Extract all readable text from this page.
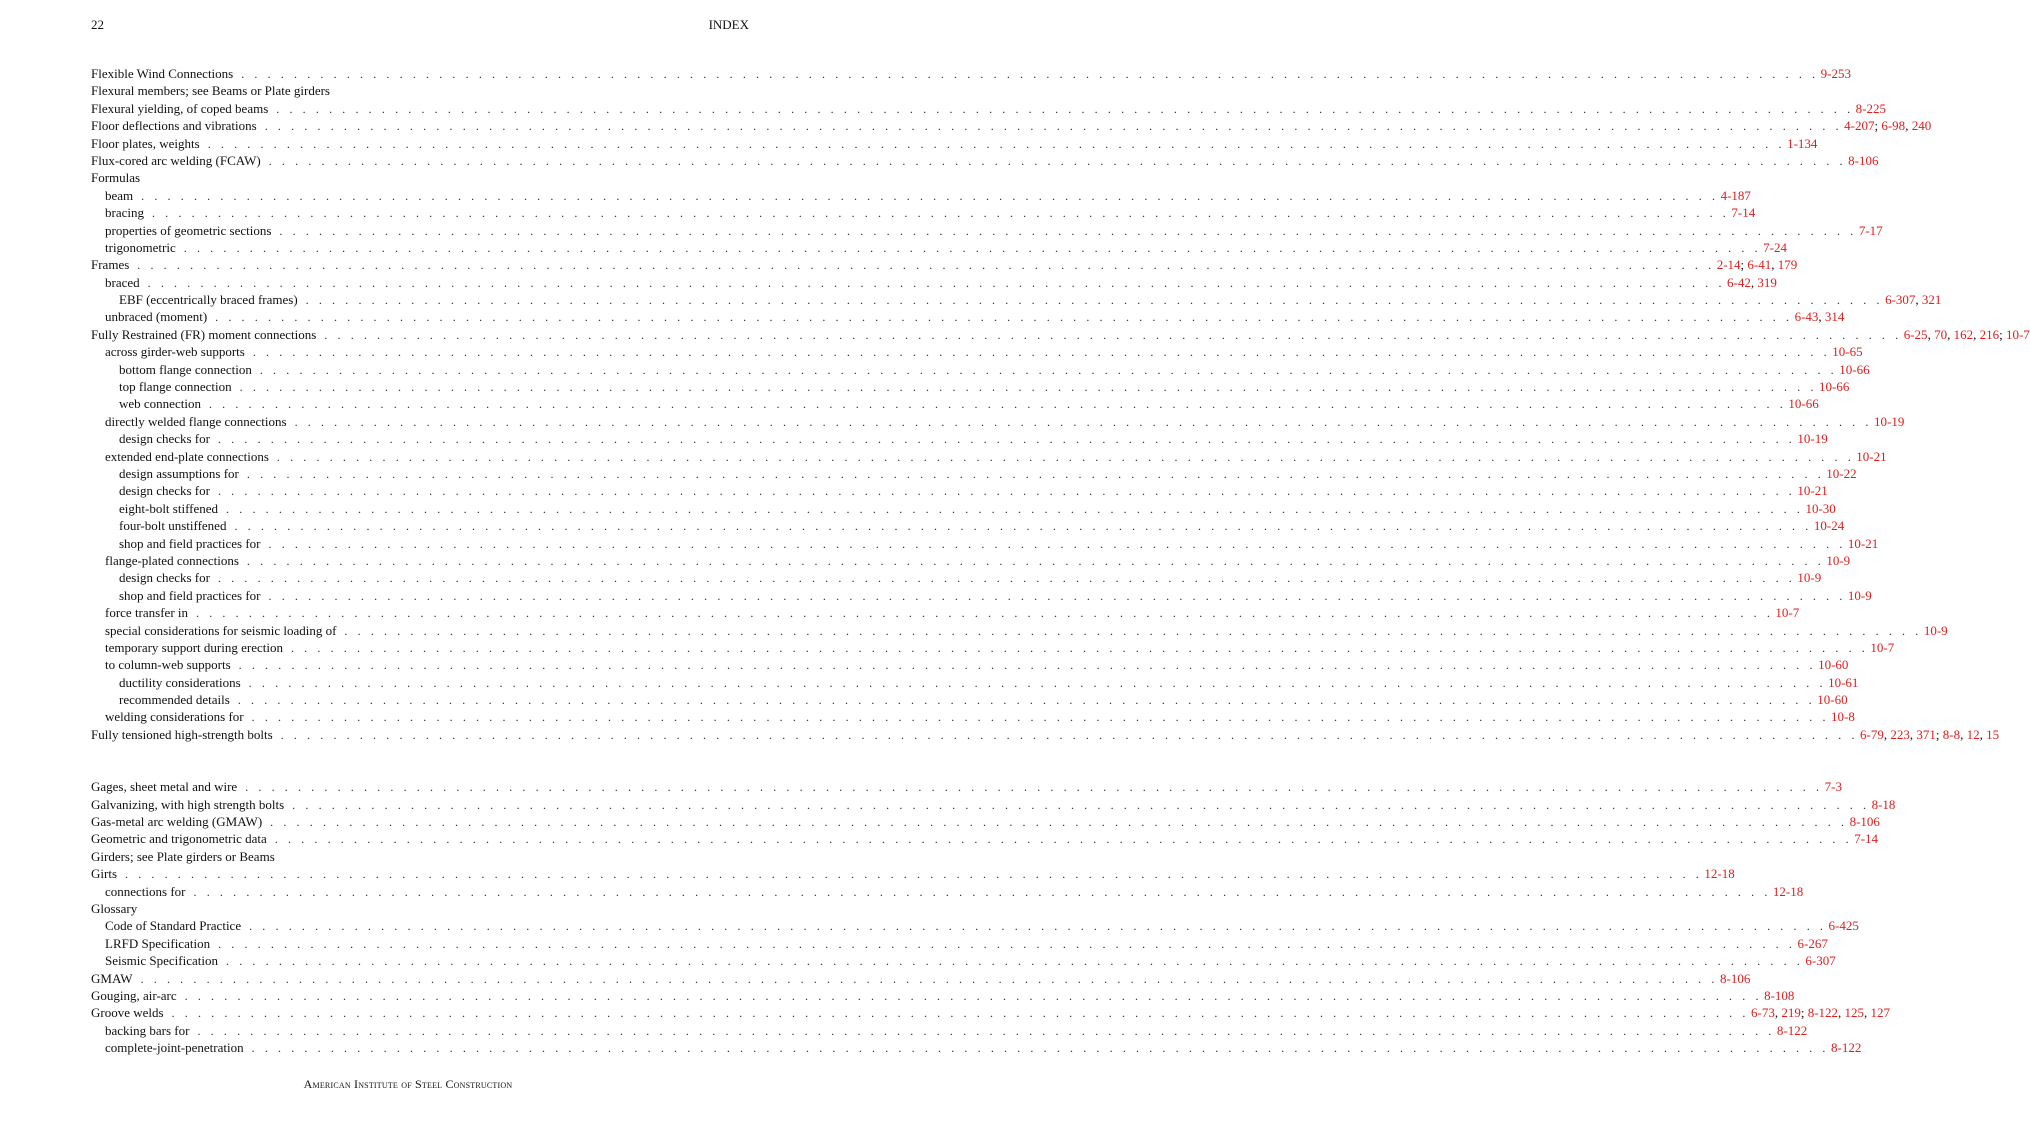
22	INDEX
Flexible Wind Connections . . . . . . . . . . . . . . . . . . . . . . . . . . . . . . . . . . . . . . . . . . . . . . . . . . . . . . . . . . . . . . . . . . . . . . . . . . . . . . . . . . . . . . . . . . . . . . . . . . . . . . . . . . . . . . . . . . . . . . . . 9-253
Flexural members; see Beams or Plate girders
Flexural yielding, of coped beams . . . . . . . . . . . . . . . . . . . . . . . . . . . . . . . . . . . . . . . . . . . . . . . . . . . . . . . . . . . . . . . . . . . . . . . . . . . . . . . . . . . . . . . . . . . . . . . . . . . . . . . . . . . . . . . . . . . . . . . . 8-225
Floor deflections and vibrations . . . . . . . . . . . . . . . . . . . . . . . . . . . . . . . . . . . . . . . . . . . . . . . . . . . . . . . . . . . . . . . . . . . . . . . . . . . . . . . . . . . . . . . . . . . . . . . . . . . . . . . . . . . . . . . . . . . . . . . . 4-207; 6-98, 240
Floor plates, weights . . . . . . . . . . . . . . . . . . . . . . . . . . . . . . . . . . . . . . . . . . . . . . . . . . . . . . . . . . . . . . . . . . . . . . . . . . . . . . . . . . . . . . . . . . . . . . . . . . . . . . . . . . . . . . . . . . . . . . . . 1-134
Flux-cored arc welding (FCAW) . . . . . . . . . . . . . . . . . . . . . . . . . . . . . . . . . . . . . . . . . . . . . . . . . . . . . . . . . . . . . . . . . . . . . . . . . . . . . . . . . . . . . . . . . . . . . . . . . . . . . . . . . . . . . . . . . . . . . . . . 8-106
Formulas
beam . . . . . . . . . . . . . . . . . . . . . . . . . . . . . . . . . . . . . . . . . . . . . . . . . . . . . . . . . . . . . . . . . . . . . . . . . . . . . . . . . . . . . . . . . . . . . . . . . . . . . . . . . . . . . . . . . . . . . . . . 4-187
bracing . . . . . . . . . . . . . . . . . . . . . . . . . . . . . . . . . . . . . . . . . . . . . . . . . . . . . . . . . . . . . . . . . . . . . . . . . . . . . . . . . . . . . . . . . . . . . . . . . . . . . . . . . . . . . . . . . . . . . . . . 7-14
properties of geometric sections . . . . . . . . . . . . . . . . . . . . . . . . . . . . . . . . . . . . . . . . . . . . . . . . . . . . . . . . . . . . . . . . . . . . . . . . . . . . . . . . . . . . . . . . . . . . . . . . . . . . . . . . . . . . . . . . . . . . . . . . 7-17
trigonometric . . . . . . . . . . . . . . . . . . . . . . . . . . . . . . . . . . . . . . . . . . . . . . . . . . . . . . . . . . . . . . . . . . . . . . . . . . . . . . . . . . . . . . . . . . . . . . . . . . . . . . . . . . . . . . . . . . . . . . . . 7-24
Frames . . . . . . . . . . . . . . . . . . . . . . . . . . . . . . . . . . . . . . . . . . . . . . . . . . . . . . . . . . . . . . . . . . . . . . . . . . . . . . . . . . . . . . . . . . . . . . . . . . . . . . . . . . . . . . . . . . . . . . . . 2-14; 6-41, 179
braced . . . . . . . . . . . . . . . . . . . . . . . . . . . . . . . . . . . . . . . . . . . . . . . . . . . . . . . . . . . . . . . . . . . . . . . . . . . . . . . . . . . . . . . . . . . . . . . . . . . . . . . . . . . . . . . . . . . . . . . . 6-42, 319
EBF (eccentrically braced frames) . . . . . . . . . . . . . . . . . . . . . . . . . . . . . . . . . . . . . . . . . . . . . . . . . . . . . . . . . . . . . . . . . . . . . . . . . . . . . . . . . . . . . . . . . . . . . . . . . . . . . . . . . . . . . . . . . . . . . . . . 6-307, 321
unbraced (moment) . . . . . . . . . . . . . . . . . . . . . . . . . . . . . . . . . . . . . . . . . . . . . . . . . . . . . . . . . . . . . . . . . . . . . . . . . . . . . . . . . . . . . . . . . . . . . . . . . . . . . . . . . . . . . . . . . . . . . . . . 6-43, 314
Fully Restrained (FR) moment connections . . . . . . . . . . . . . . . . . . . . . . . . . . . . . . . . . . . . . . . . . . . . . . . . . . . . . . . . . . . . . . . . . . . . . . . . . . . . . . . . . . . . . . . . . . . . . . . . . . . . . . . . . . . . . . . . . . . . . . . . 6-25, 70, 162, 216; 10-7
across girder-web supports . . . . . . . . . . . . . . . . . . . . . . . . . . . . . . . . . . . . . . . . . . . . . . . . . . . . . . . . . . . . . . . . . . . . . . . . . . . . . . . . . . . . . . . . . . . . . . . . . . . . . . . . . . . . . . . . . . . . . . . . 10-65
bottom flange connection . . . . . . . . . . . . . . . . . . . . . . . . . . . . . . . . . . . . . . . . . . . . . . . . . . . . . . . . . . . . . . . . . . . . . . . . . . . . . . . . . . . . . . . . . . . . . . . . . . . . . . . . . . . . . . . . . . . . . . . . 10-66
top flange connection . . . . . . . . . . . . . . . . . . . . . . . . . . . . . . . . . . . . . . . . . . . . . . . . . . . . . . . . . . . . . . . . . . . . . . . . . . . . . . . . . . . . . . . . . . . . . . . . . . . . . . . . . . . . . . . . . . . . . . . . 10-66
web connection . . . . . . . . . . . . . . . . . . . . . . . . . . . . . . . . . . . . . . . . . . . . . . . . . . . . . . . . . . . . . . . . . . . . . . . . . . . . . . . . . . . . . . . . . . . . . . . . . . . . . . . . . . . . . . . . . . . . . . . . 10-66
directly welded flange connections . . . . . . . . . . . . . . . . . . . . . . . . . . . . . . . . . . . . . . . . . . . . . . . . . . . . . . . . . . . . . . . . . . . . . . . . . . . . . . . . . . . . . . . . . . . . . . . . . . . . . . . . . . . . . . . . . . . . . . . . 10-19
design checks for . . . . . . . . . . . . . . . . . . . . . . . . . . . . . . . . . . . . . . . . . . . . . . . . . . . . . . . . . . . . . . . . . . . . . . . . . . . . . . . . . . . . . . . . . . . . . . . . . . . . . . . . . . . . . . . . . . . . . . . . 10-19
extended end-plate connections . . . . . . . . . . . . . . . . . . . . . . . . . . . . . . . . . . . . . . . . . . . . . . . . . . . . . . . . . . . . . . . . . . . . . . . . . . . . . . . . . . . . . . . . . . . . . . . . . . . . . . . . . . . . . . . . . . . . . . . . 10-21
design assumptions for . . . . . . . . . . . . . . . . . . . . . . . . . . . . . . . . . . . . . . . . . . . . . . . . . . . . . . . . . . . . . . . . . . . . . . . . . . . . . . . . . . . . . . . . . . . . . . . . . . . . . . . . . . . . . . . . . . . . . . . . 10-22
design checks for . . . . . . . . . . . . . . . . . . . . . . . . . . . . . . . . . . . . . . . . . . . . . . . . . . . . . . . . . . . . . . . . . . . . . . . . . . . . . . . . . . . . . . . . . . . . . . . . . . . . . . . . . . . . . . . . . . . . . . . . 10-21
eight-bolt stiffened . . . . . . . . . . . . . . . . . . . . . . . . . . . . . . . . . . . . . . . . . . . . . . . . . . . . . . . . . . . . . . . . . . . . . . . . . . . . . . . . . . . . . . . . . . . . . . . . . . . . . . . . . . . . . . . . . . . . . . . . 10-30
four-bolt unstiffened . . . . . . . . . . . . . . . . . . . . . . . . . . . . . . . . . . . . . . . . . . . . . . . . . . . . . . . . . . . . . . . . . . . . . . . . . . . . . . . . . . . . . . . . . . . . . . . . . . . . . . . . . . . . . . . . . . . . . . . . 10-24
shop and field practices for . . . . . . . . . . . . . . . . . . . . . . . . . . . . . . . . . . . . . . . . . . . . . . . . . . . . . . . . . . . . . . . . . . . . . . . . . . . . . . . . . . . . . . . . . . . . . . . . . . . . . . . . . . . . . . . . . . . . . . . . 10-21
flange-plated connections . . . . . . . . . . . . . . . . . . . . . . . . . . . . . . . . . . . . . . . . . . . . . . . . . . . . . . . . . . . . . . . . . . . . . . . . . . . . . . . . . . . . . . . . . . . . . . . . . . . . . . . . . . . . . . . . . . . . . . . . 10-9
design checks for . . . . . . . . . . . . . . . . . . . . . . . . . . . . . . . . . . . . . . . . . . . . . . . . . . . . . . . . . . . . . . . . . . . . . . . . . . . . . . . . . . . . . . . . . . . . . . . . . . . . . . . . . . . . . . . . . . . . . . . . 10-9
shop and field practices for . . . . . . . . . . . . . . . . . . . . . . . . . . . . . . . . . . . . . . . . . . . . . . . . . . . . . . . . . . . . . . . . . . . . . . . . . . . . . . . . . . . . . . . . . . . . . . . . . . . . . . . . . . . . . . . . . . . . . . . . 10-9
force transfer in . . . . . . . . . . . . . . . . . . . . . . . . . . . . . . . . . . . . . . . . . . . . . . . . . . . . . . . . . . . . . . . . . . . . . . . . . . . . . . . . . . . . . . . . . . . . . . . . . . . . . . . . . . . . . . . . . . . . . . . . 10-7
special considerations for seismic loading of . . . . . . . . . . . . . . . . . . . . . . . . . . . . . . . . . . . . . . . . . . . . . . . . . . . . . . . . . . . . . . . . . . . . . . . . . . . . . . . . . . . . . . . . . . . . . . . . . . . . . . . . . . . . . . . . . . . . . . . . 10-9
temporary support during erection . . . . . . . . . . . . . . . . . . . . . . . . . . . . . . . . . . . . . . . . . . . . . . . . . . . . . . . . . . . . . . . . . . . . . . . . . . . . . . . . . . . . . . . . . . . . . . . . . . . . . . . . . . . . . . . . . . . . . . . . 10-7
to column-web supports . . . . . . . . . . . . . . . . . . . . . . . . . . . . . . . . . . . . . . . . . . . . . . . . . . . . . . . . . . . . . . . . . . . . . . . . . . . . . . . . . . . . . . . . . . . . . . . . . . . . . . . . . . . . . . . . . . . . . . . . 10-60
ductility considerations . . . . . . . . . . . . . . . . . . . . . . . . . . . . . . . . . . . . . . . . . . . . . . . . . . . . . . . . . . . . . . . . . . . . . . . . . . . . . . . . . . . . . . . . . . . . . . . . . . . . . . . . . . . . . . . . . . . . . . . . 10-61
recommended details . . . . . . . . . . . . . . . . . . . . . . . . . . . . . . . . . . . . . . . . . . . . . . . . . . . . . . . . . . . . . . . . . . . . . . . . . . . . . . . . . . . . . . . . . . . . . . . . . . . . . . . . . . . . . . . . . . . . . . . . 10-60
welding considerations for . . . . . . . . . . . . . . . . . . . . . . . . . . . . . . . . . . . . . . . . . . . . . . . . . . . . . . . . . . . . . . . . . . . . . . . . . . . . . . . . . . . . . . . . . . . . . . . . . . . . . . . . . . . . . . . . . . . . . . . . 10-8
Fully tensioned high-strength bolts . . . . . . . . . . . . . . . . . . . . . . . . . . . . . . . . . . . . . . . . . . . . . . . . . . . . . . . . . . . . . . . . . . . . . . . . . . . . . . . . . . . . . . . . . . . . . . . . . . . . . . . . . . . . . . . . . . . . . . . . 6-79, 223, 371; 8-8, 12, 15
Gages, sheet metal and wire . . . . . . . . . . . . . . . . . . . . . . . . . . . . . . . . . . . . . . . . . . . . . . . . . . . . . . . . . . . . . . . . . . . . . . . . . . . . . . . . . . . . . . . . . . . . . . . . . . . . . . . . . . . . . . . . . . . . . . . . 7-3
Galvanizing, with high strength bolts . . . . . . . . . . . . . . . . . . . . . . . . . . . . . . . . . . . . . . . . . . . . . . . . . . . . . . . . . . . . . . . . . . . . . . . . . . . . . . . . . . . . . . . . . . . . . . . . . . . . . . . . . . . . . . . . . . . . . . . . 8-18
Gas-metal arc welding (GMAW) . . . . . . . . . . . . . . . . . . . . . . . . . . . . . . . . . . . . . . . . . . . . . . . . . . . . . . . . . . . . . . . . . . . . . . . . . . . . . . . . . . . . . . . . . . . . . . . . . . . . . . . . . . . . . . . . . . . . . . . . 8-106
Geometric and trigonometric data . . . . . . . . . . . . . . . . . . . . . . . . . . . . . . . . . . . . . . . . . . . . . . . . . . . . . . . . . . . . . . . . . . . . . . . . . . . . . . . . . . . . . . . . . . . . . . . . . . . . . . . . . . . . . . . . . . . . . . . . 7-14
Girders; see Plate girders or Beams
Girts . . . . . . . . . . . . . . . . . . . . . . . . . . . . . . . . . . . . . . . . . . . . . . . . . . . . . . . . . . . . . . . . . . . . . . . . . . . . . . . . . . . . . . . . . . . . . . . . . . . . . . . . . . . . . . . . . . . . . . . . 12-18
connections for . . . . . . . . . . . . . . . . . . . . . . . . . . . . . . . . . . . . . . . . . . . . . . . . . . . . . . . . . . . . . . . . . . . . . . . . . . . . . . . . . . . . . . . . . . . . . . . . . . . . . . . . . . . . . . . . . . . . . . . . 12-18
Glossary
Code of Standard Practice . . . . . . . . . . . . . . . . . . . . . . . . . . . . . . . . . . . . . . . . . . . . . . . . . . . . . . . . . . . . . . . . . . . . . . . . . . . . . . . . . . . . . . . . . . . . . . . . . . . . . . . . . . . . . . . . . . . . . . . . 6-425
LRFD Specification . . . . . . . . . . . . . . . . . . . . . . . . . . . . . . . . . . . . . . . . . . . . . . . . . . . . . . . . . . . . . . . . . . . . . . . . . . . . . . . . . . . . . . . . . . . . . . . . . . . . . . . . . . . . . . . . . . . . . . . . 6-267
Seismic Specification . . . . . . . . . . . . . . . . . . . . . . . . . . . . . . . . . . . . . . . . . . . . . . . . . . . . . . . . . . . . . . . . . . . . . . . . . . . . . . . . . . . . . . . . . . . . . . . . . . . . . . . . . . . . . . . . . . . . . . . . 6-307
GMAW . . . . . . . . . . . . . . . . . . . . . . . . . . . . . . . . . . . . . . . . . . . . . . . . . . . . . . . . . . . . . . . . . . . . . . . . . . . . . . . . . . . . . . . . . . . . . . . . . . . . . . . . . . . . . . . . . . . . . . . . 8-106
Gouging, air-arc . . . . . . . . . . . . . . . . . . . . . . . . . . . . . . . . . . . . . . . . . . . . . . . . . . . . . . . . . . . . . . . . . . . . . . . . . . . . . . . . . . . . . . . . . . . . . . . . . . . . . . . . . . . . . . . . . . . . . . . . 8-108
Groove welds . . . . . . . . . . . . . . . . . . . . . . . . . . . . . . . . . . . . . . . . . . . . . . . . . . . . . . . . . . . . . . . . . . . . . . . . . . . . . . . . . . . . . . . . . . . . . . . . . . . . . . . . . . . . . . . . . . . . . . . . 6-73, 219; 8-122, 125, 127
backing bars for . . . . . . . . . . . . . . . . . . . . . . . . . . . . . . . . . . . . . . . . . . . . . . . . . . . . . . . . . . . . . . . . . . . . . . . . . . . . . . . . . . . . . . . . . . . . . . . . . . . . . . . . . . . . . . . . . . . . . . . . 8-122
complete-joint-penetration . . . . . . . . . . . . . . . . . . . . . . . . . . . . . . . . . . . . . . . . . . . . . . . . . . . . . . . . . . . . . . . . . . . . . . . . . . . . . . . . . . . . . . . . . . . . . . . . . . . . . . . . . . . . . . . . . . . . . . . . 8-122
American Institute of Steel Construction
